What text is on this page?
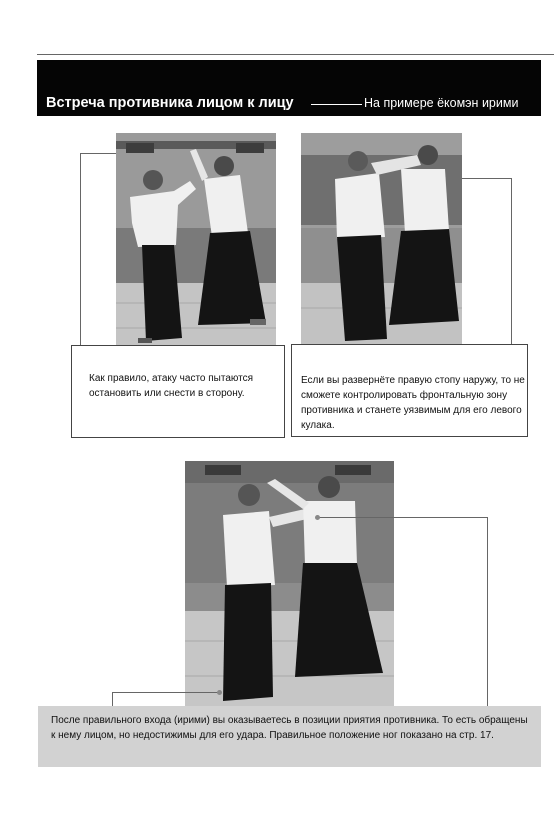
Встреча противника лицом к лицу	На примере ёкомэн ирими
Как правило, атаку часто пытаются остановить или снести в сторону.
Если вы развернёте правую стопу наружу, то не сможете контролировать фронтальную зону противника и станете уязвимым для его левого кулака.
После правильного входа (ирими) вы оказываетесь в позиции приятия противника. То есть обращены к нему лицом, но недостижимы для его удара. Правильное положение ног показано на стр. 17.
